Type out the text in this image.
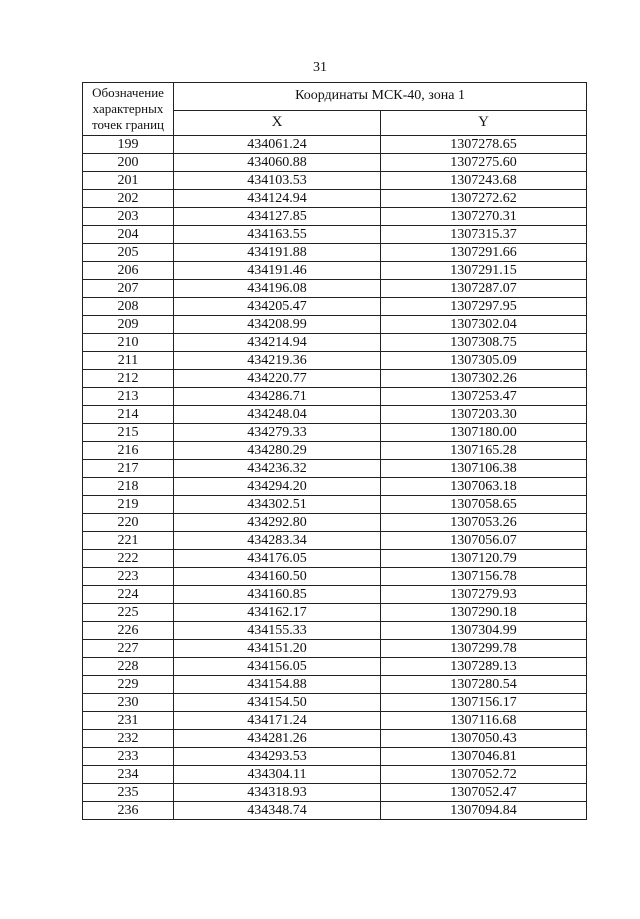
31
Обозначение характерных точек границ	Координаты МСК-40, зона 1	
	X	Y
199	434061.24	1307278.65
200	434060.88	1307275.60
201	434103.53	1307243.68
202	434124.94	1307272.62
203	434127.85	1307270.31
204	434163.55	1307315.37
205	434191.88	1307291.66
206	434191.46	1307291.15
207	434196.08	1307287.07
208	434205.47	1307297.95
209	434208.99	1307302.04
210	434214.94	1307308.75
211	434219.36	1307305.09
212	434220.77	1307302.26
213	434286.71	1307253.47
214	434248.04	1307203.30
215	434279.33	1307180.00
216	434280.29	1307165.28
217	434236.32	1307106.38
218	434294.20	1307063.18
219	434302.51	1307058.65
220	434292.80	1307053.26
221	434283.34	1307056.07
222	434176.05	1307120.79
223	434160.50	1307156.78
224	434160.85	1307279.93
225	434162.17	1307290.18
226	434155.33	1307304.99
227	434151.20	1307299.78
228	434156.05	1307289.13
229	434154.88	1307280.54
230	434154.50	1307156.17
231	434171.24	1307116.68
232	434281.26	1307050.43
233	434293.53	1307046.81
234	434304.11	1307052.72
235	434318.93	1307052.47
236	434348.74	1307094.84
